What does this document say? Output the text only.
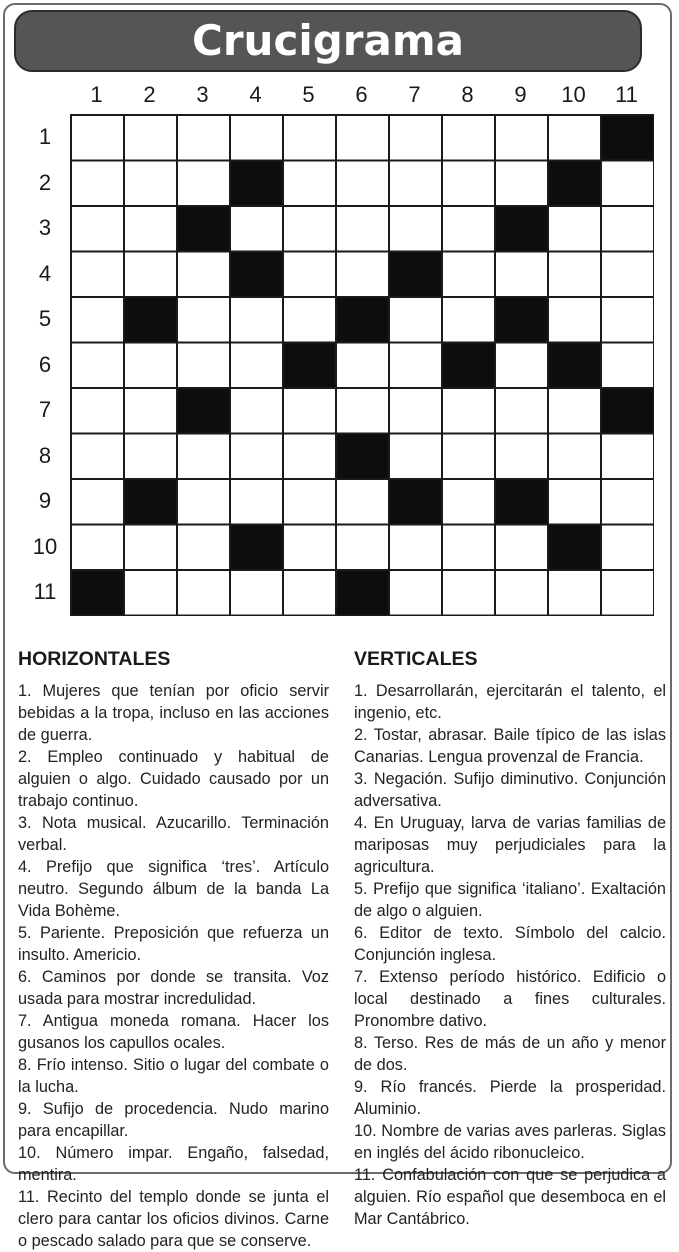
Crucigrama
1	2	3	4	5	6	7	8	9	10	11
1
2
3
4
5
6
7
8
9
10
11
HORIZONTALES
1. Mujeres que tenían por oficio servir bebidas a la tropa, incluso en las acciones de guerra.
2. Empleo continuado y habitual de alguien o algo. Cuidado causado por un trabajo continuo.
3. Nota musical. Azucarillo. Terminación verbal.
4. Prefijo que significa ‘tres’. Artículo neutro. Segundo álbum de la banda La Vida Bohème.
5. Pariente. Preposición que refuerza un insulto. Americio.
6. Caminos por donde se transita. Voz usada para mostrar incredulidad.
7. Antigua moneda romana. Hacer los gusanos los capullos ocales.
8. Frío intenso. Sitio o lugar del combate o la lucha.
9. Sufijo de procedencia. Nudo marino para encapillar.
10. Número impar. Engaño, falsedad, mentira.
11. Recinto del templo donde se junta el clero para cantar los oficios divinos. Carne o pescado salado para que se conserve.
VERTICALES
1. Desarrollarán, ejercitarán el talento, el ingenio, etc.
2. Tostar, abrasar. Baile típico de las islas Canarias. Lengua provenzal de Francia.
3. Negación. Sufijo diminutivo. Conjunción adversativa.
4. En Uruguay, larva de varias familias de mariposas muy perjudiciales para la agricultura.
5. Prefijo que significa ‘italiano’. Exaltación de algo o alguien.
6. Editor de texto. Símbolo del calcio. Conjunción inglesa.
7. Extenso período histórico. Edificio o local destinado a fines culturales. Pronombre dativo.
8. Terso. Res de más de un año y menor de dos.
9. Río francés. Pierde la prosperidad. Aluminio.
10. Nombre de varias aves parleras. Siglas en inglés del ácido ribonucleico.
11. Confabulación con que se perjudica a alguien. Río español que desemboca en el Mar Cantábrico.
